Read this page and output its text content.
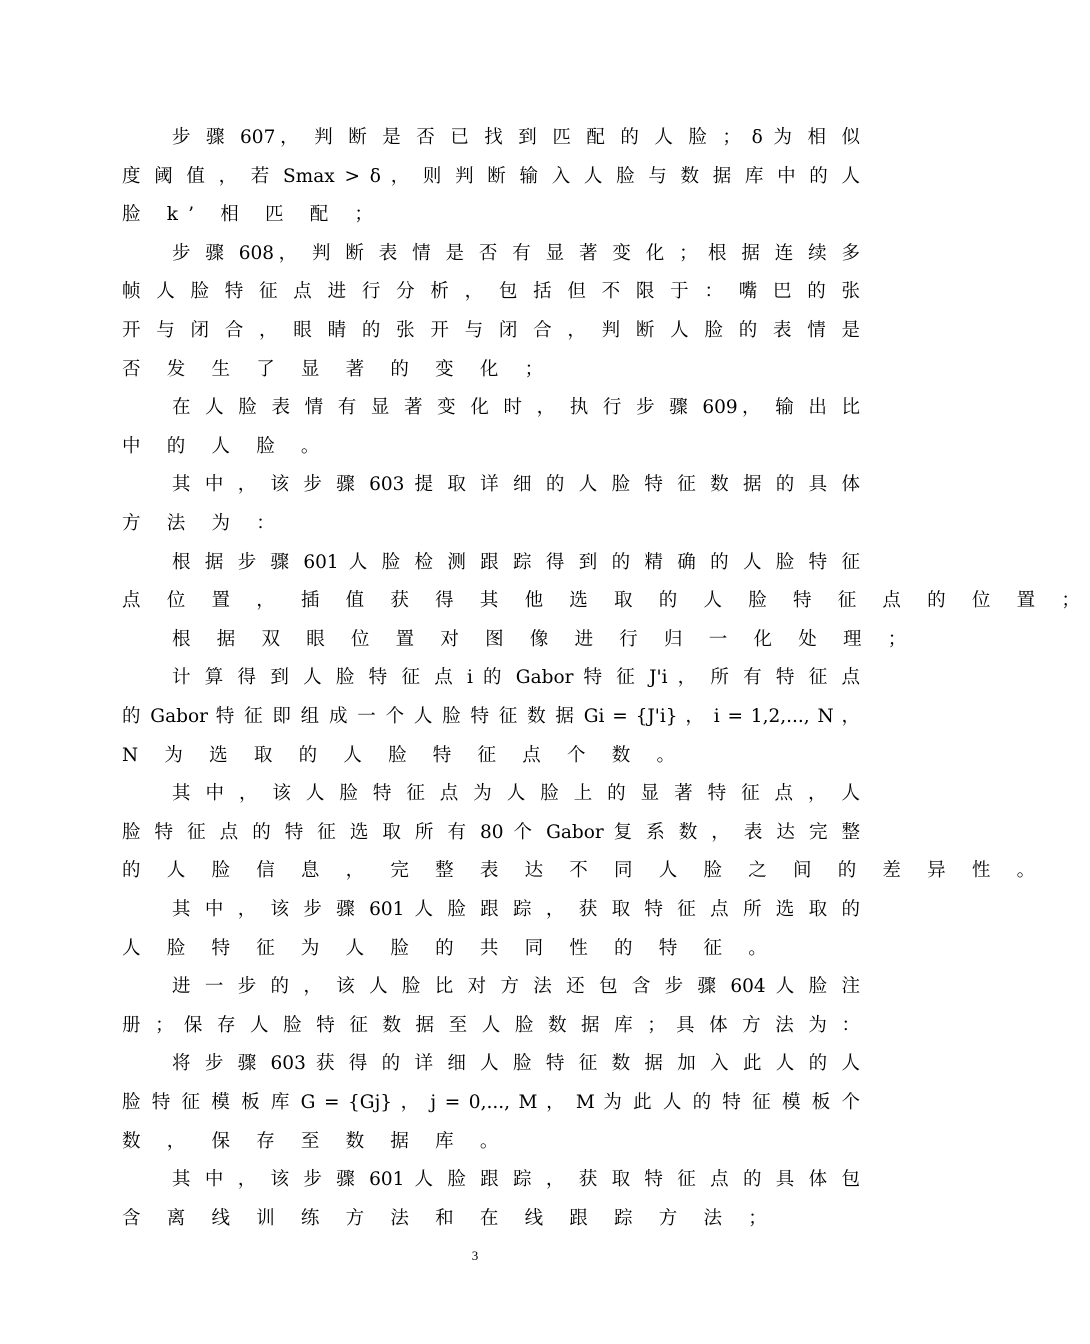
步 骤 607， 判 断 是 否 已 找 到 匹 配 的 人 脸 ； δ 为 相 似
度 阈 值 ， 若 Smax > δ ， 则 判 断 输 入 人 脸 与 数 据 库 中 的 人
脸 k’ 相 匹 配 ；
步 骤 608， 判 断 表 情 是 否 有 显 著 变 化 ； 根 据 连 续 多
帧 人 脸 特 征 点 进 行 分 析 ， 包 括 但 不 限 于 ： 嘴 巴 的 张
开 与 闭 合 ， 眼 睛 的 张 开 与 闭 合 ， 判 断 人 脸 的 表 情 是
否 发 生 了 显 著 的 变 化 ；
在 人 脸 表 情 有 显 著 变 化 时 ， 执 行 步 骤 609， 输 出 比
中 的 人 脸 。
其 中 ， 该 步 骤 603 提 取 详 细 的 人 脸 特 征 数 据 的 具 体
方 法 为 ：
根 据 步 骤 601 人 脸 检 测 跟 踪 得 到 的 精 确 的 人 脸 特 征
点 位 置 ， 插 值 获 得 其 他 选 取 的 人 脸 特 征 点 的 位 置 ；
根 据 双 眼 位 置 对 图 像 进 行 归 一 化 处 理 ；
计 算 得 到 人 脸 特 征 点 i 的 Gabor 特 征 J'i ， 所 有 特 征 点
的 Gabor 特 征 即 组 成 一 个 人 脸 特 征 数 据 Gi = {J'i} ， i = 1,2,..., N ，
N 为 选 取 的 人 脸 特 征 点 个 数 。
其 中 ， 该 人 脸 特 征 点 为 人 脸 上 的 显 著 特 征 点 ， 人
脸 特 征 点 的 特 征 选 取 所 有 80 个 Gabor 复 系 数 ， 表 达 完 整
的 人 脸 信 息 ， 完 整 表 达 不 同 人 脸 之 间 的 差 异 性 。
其 中 ， 该 步 骤 601 人 脸 跟 踪 ， 获 取 特 征 点 所 选 取 的
人 脸 特 征 为 人 脸 的 共 同 性 的 特 征 。
进 一 步 的 ， 该 人 脸 比 对 方 法 还 包 含 步 骤 604 人 脸 注
册 ； 保 存 人 脸 特 征 数 据 至 人 脸 数 据 库 ； 具 体 方 法 为 ：
将 步 骤 603 获 得 的 详 细 人 脸 特 征 数 据 加 入 此 人 的 人
脸 特 征 模 板 库 G = {Gj} ， j = 0,..., M ， M 为 此 人 的 特 征 模 板 个
数 ， 保 存 至 数 据 库 。
其 中 ， 该 步 骤 601 人 脸 跟 踪 ， 获 取 特 征 点 的 具 体 包
含 离 线 训 练 方 法 和 在 线 跟 踪 方 法 ；
3
